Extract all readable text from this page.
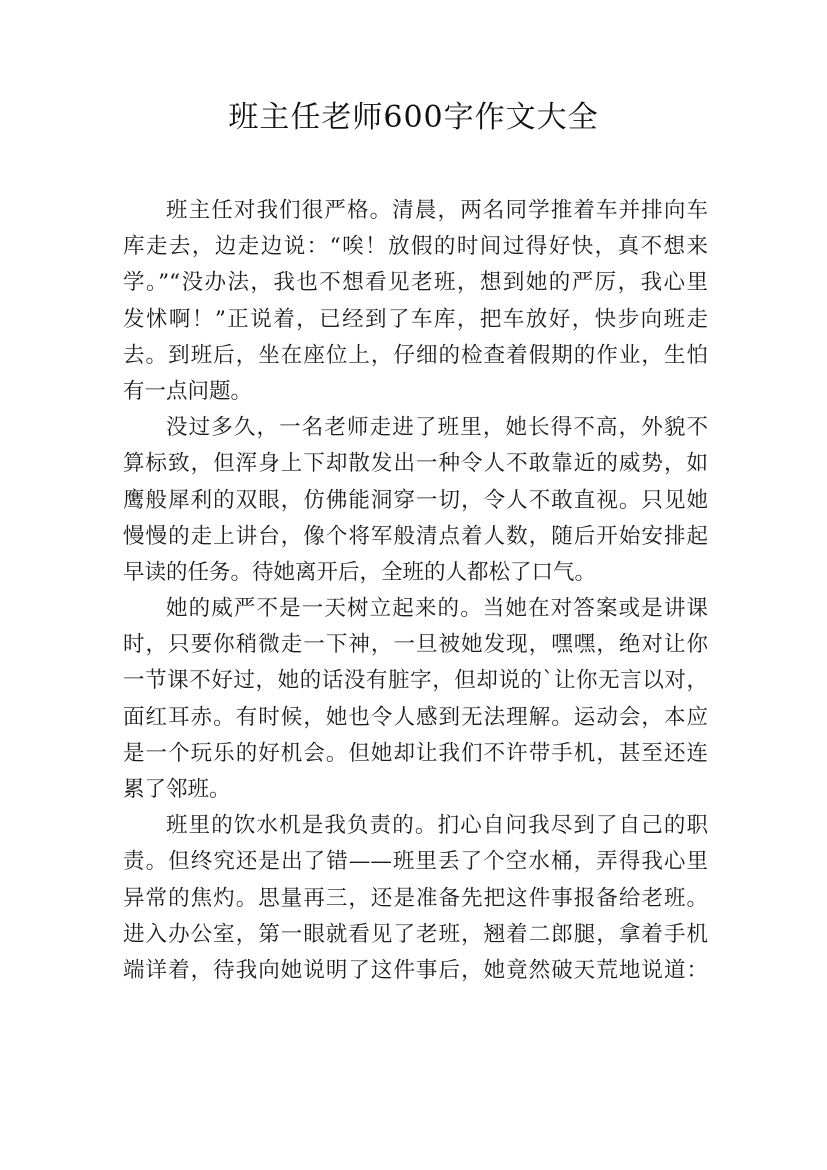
班主任老师600字作文大全
班主任对我们很严格。清晨，两名同学推着车并排向车
库走去，边走边说：“唉！放假的时间过得好快，真不想来
学。”“没办法，我也不想看见老班，想到她的严厉，我心里
发怵啊！”正说着，已经到了车库，把车放好，快步向班走
去。到班后，坐在座位上，仔细的检查着假期的作业，生怕
有一点问题。
没过多久，一名老师走进了班里，她长得不高，外貌不
算标致，但浑身上下却散发出一种令人不敢靠近的威势，如
鹰般犀利的双眼，仿佛能洞穿一切，令人不敢直视。只见她
慢慢的走上讲台，像个将军般清点着人数，随后开始安排起
早读的任务。待她离开后，全班的人都松了口气。
她的威严不是一天树立起来的。当她在对答案或是讲课
时，只要你稍微走一下神，一旦被她发现，嘿嘿，绝对让你
一节课不好过，她的话没有脏字，但却说的`让你无言以对，
面红耳赤。有时候，她也令人感到无法理解。运动会，本应
是一个玩乐的好机会。但她却让我们不许带手机，甚至还连
累了邻班。
班里的饮水机是我负责的。扪心自问我尽到了自己的职
责。但终究还是出了错——班里丢了个空水桶，弄得我心里
异常的焦灼。思量再三，还是准备先把这件事报备给老班。
进入办公室，第一眼就看见了老班，翘着二郎腿，拿着手机
端详着，待我向她说明了这件事后，她竟然破天荒地说道：
